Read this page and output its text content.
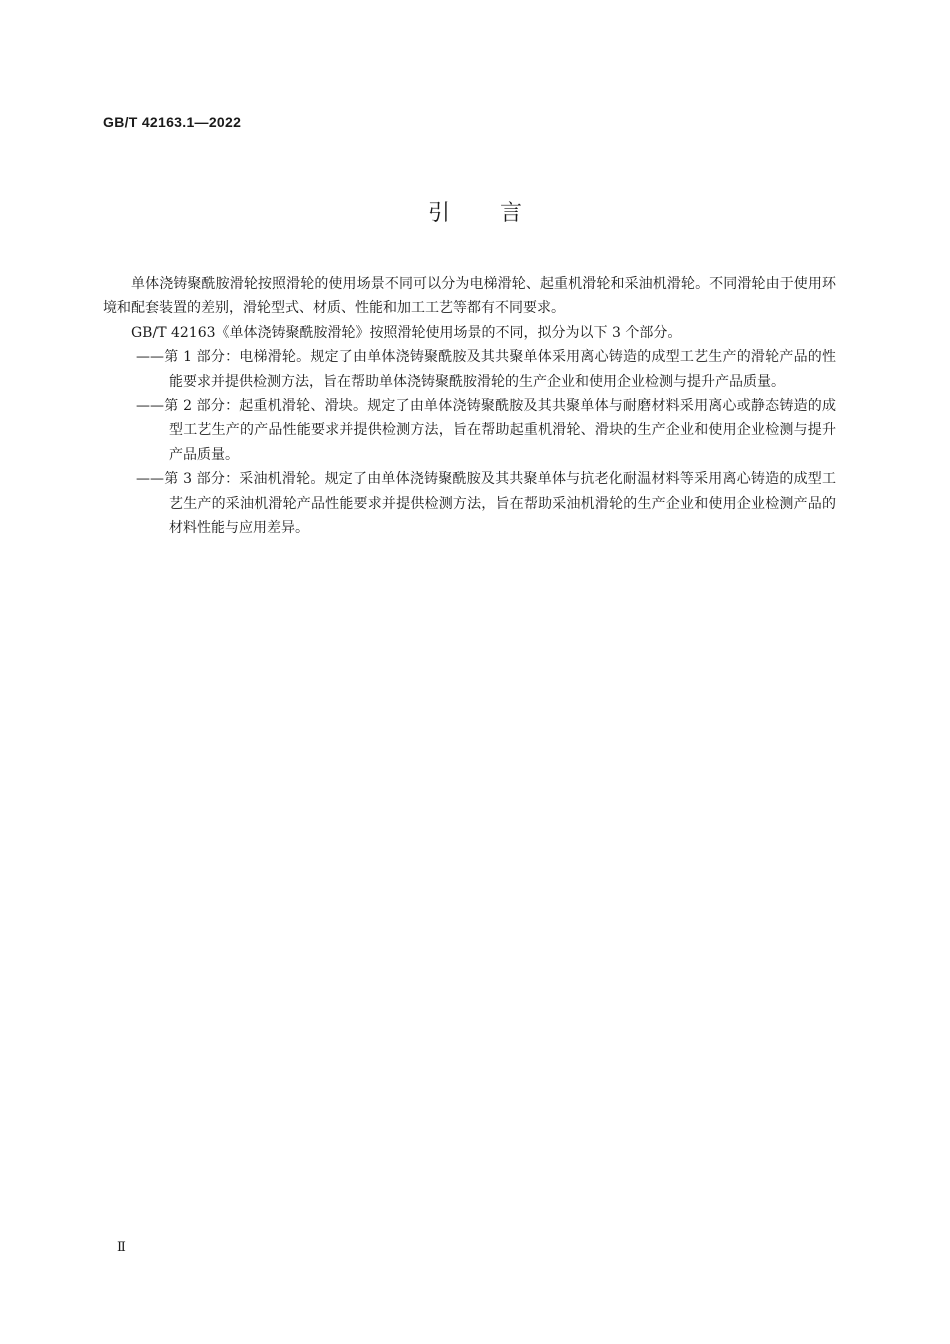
GB/T 42163.1—2022
引言

单体浇铸聚酰胺滑轮按照滑轮的使用场景不同可以分为电梯滑轮、起重机滑轮和采油机滑轮。不同滑轮由于使用环境和配套装置的差别，滑轮型式、材质、性能和加工工艺等都有不同要求。

GB/T 42163《单体浇铸聚酰胺滑轮》按照滑轮使用场景的不同，拟分为以下 3 个部分。

——第 1 部分：电梯滑轮。规定了由单体浇铸聚酰胺及其共聚单体采用离心铸造的成型工艺生产的滑轮产品的性能要求并提供检测方法，旨在帮助单体浇铸聚酰胺滑轮的生产企业和使用企业检测与提升产品质量。

——第 2 部分：起重机滑轮、滑块。规定了由单体浇铸聚酰胺及其共聚单体与耐磨材料采用离心或静态铸造的成型工艺生产的产品性能要求并提供检测方法，旨在帮助起重机滑轮、滑块的生产企业和使用企业检测与提升产品质量。

——第 3 部分：采油机滑轮。规定了由单体浇铸聚酰胺及其共聚单体与抗老化耐温材料等采用离心铸造的成型工艺生产的采油机滑轮产品性能要求并提供检测方法，旨在帮助采油机滑轮的生产企业和使用企业检测产品的材料性能与应用差异。

Ⅱ
